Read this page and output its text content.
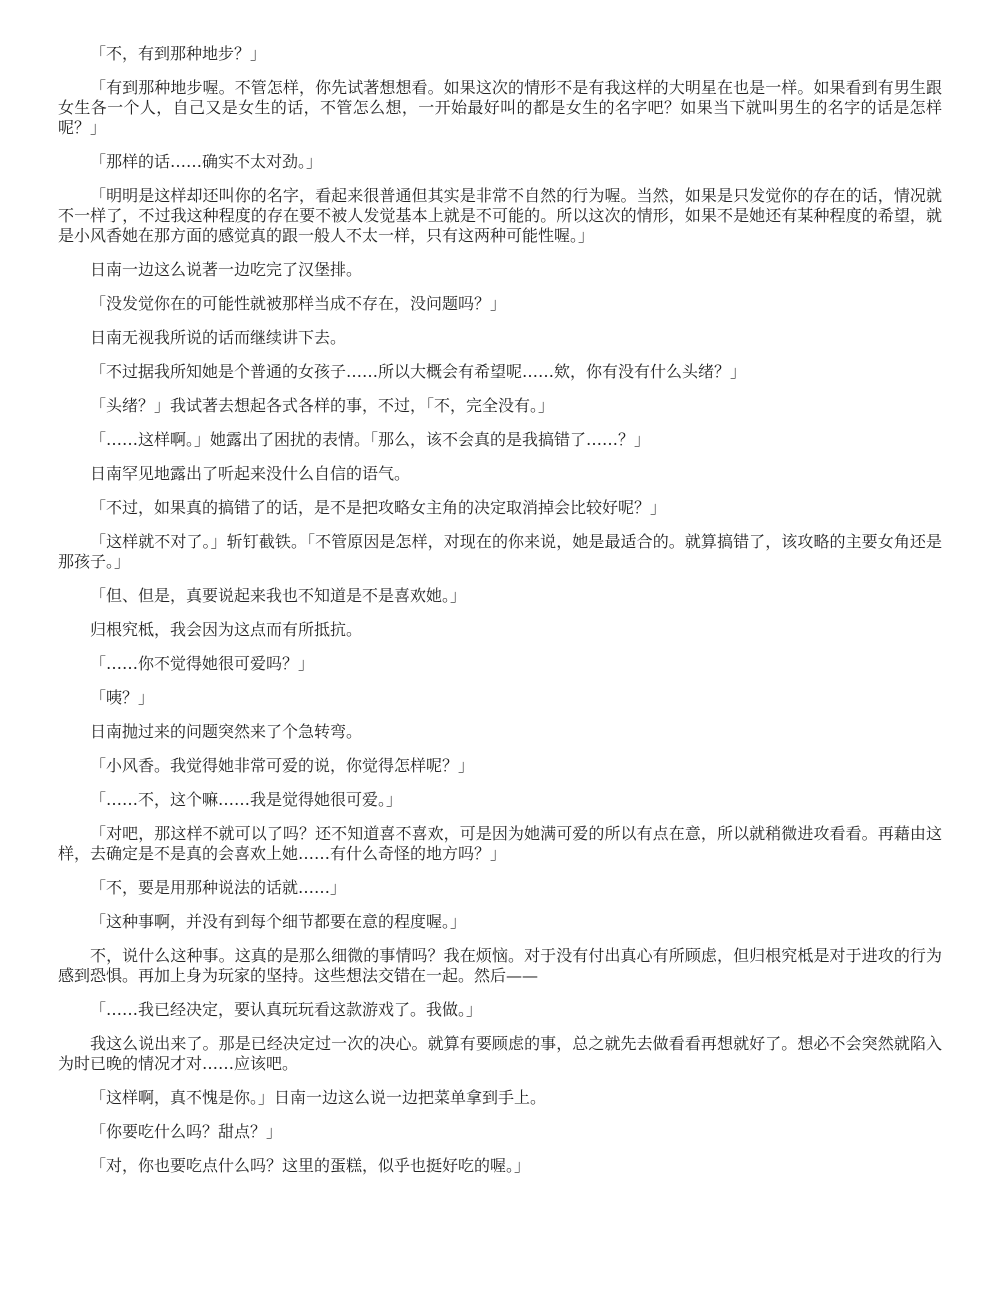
「不，有到那种地步？」

「有到那种地步喔。不管怎样，你先试著想想看。如果这次的情形不是有我这样的大明星在也是一样。如果看到有男生跟女生各一个人，自己又是女生的话，不管怎么想，一开始最好叫的都是女生的名字吧？如果当下就叫男生的名字的话是怎样呢？」

「那样的话……确实不太对劲。」

「明明是这样却还叫你的名字，看起来很普通但其实是非常不自然的行为喔。当然，如果是只发觉你的存在的话，情况就不一样了，不过我这种程度的存在要不被人发觉基本上就是不可能的。所以这次的情形，如果不是她还有某种程度的希望，就是小风香她在那方面的感觉真的跟一般人不太一样，只有这两种可能性喔。」

日南一边这么说著一边吃完了汉堡排。

「没发觉你在的可能性就被那样当成不存在，没问题吗？」

日南无视我所说的话而继续讲下去。

「不过据我所知她是个普通的女孩子……所以大概会有希望呢……欸，你有没有什么头绪？」

「头绪？」我试著去想起各式各样的事，不过，「不，完全没有。」

「……这样啊。」她露出了困扰的表情。「那么，该不会真的是我搞错了……？」

日南罕见地露出了听起来没什么自信的语气。

「不过，如果真的搞错了的话，是不是把攻略女主角的决定取消掉会比较好呢？」

「这样就不对了。」斩钉截铁。「不管原因是怎样，对现在的你来说，她是最适合的。就算搞错了，该攻略的主要女角还是那孩子。」

「但、但是，真要说起来我也不知道是不是喜欢她。」

归根究柢，我会因为这点而有所抵抗。

「……你不觉得她很可爱吗？」

「咦？」

日南抛过来的问题突然来了个急转弯。

「小风香。我觉得她非常可爱的说，你觉得怎样呢？」

「……不，这个嘛……我是觉得她很可爱。」

「对吧，那这样不就可以了吗？还不知道喜不喜欢，可是因为她满可爱的所以有点在意，所以就稍微进攻看看。再藉由这样，去确定是不是真的会喜欢上她……有什么奇怪的地方吗？」

「不，要是用那种说法的话就……」

「这种事啊，并没有到每个细节都要在意的程度喔。」

不，说什么这种事。这真的是那么细微的事情吗？我在烦恼。对于没有付出真心有所顾虑，但归根究柢是对于进攻的行为感到恐惧。再加上身为玩家的坚持。这些想法交错在一起。然后——

「……我已经决定，要认真玩玩看这款游戏了。我做。」

我这么说出来了。那是已经决定过一次的决心。就算有要顾虑的事，总之就先去做看看再想就好了。想必不会突然就陷入为时已晚的情况才对……应该吧。

「这样啊，真不愧是你。」日南一边这么说一边把菜单拿到手上。

「你要吃什么吗？甜点？」

「对，你也要吃点什么吗？这里的蛋糕，似乎也挺好吃的喔。」
